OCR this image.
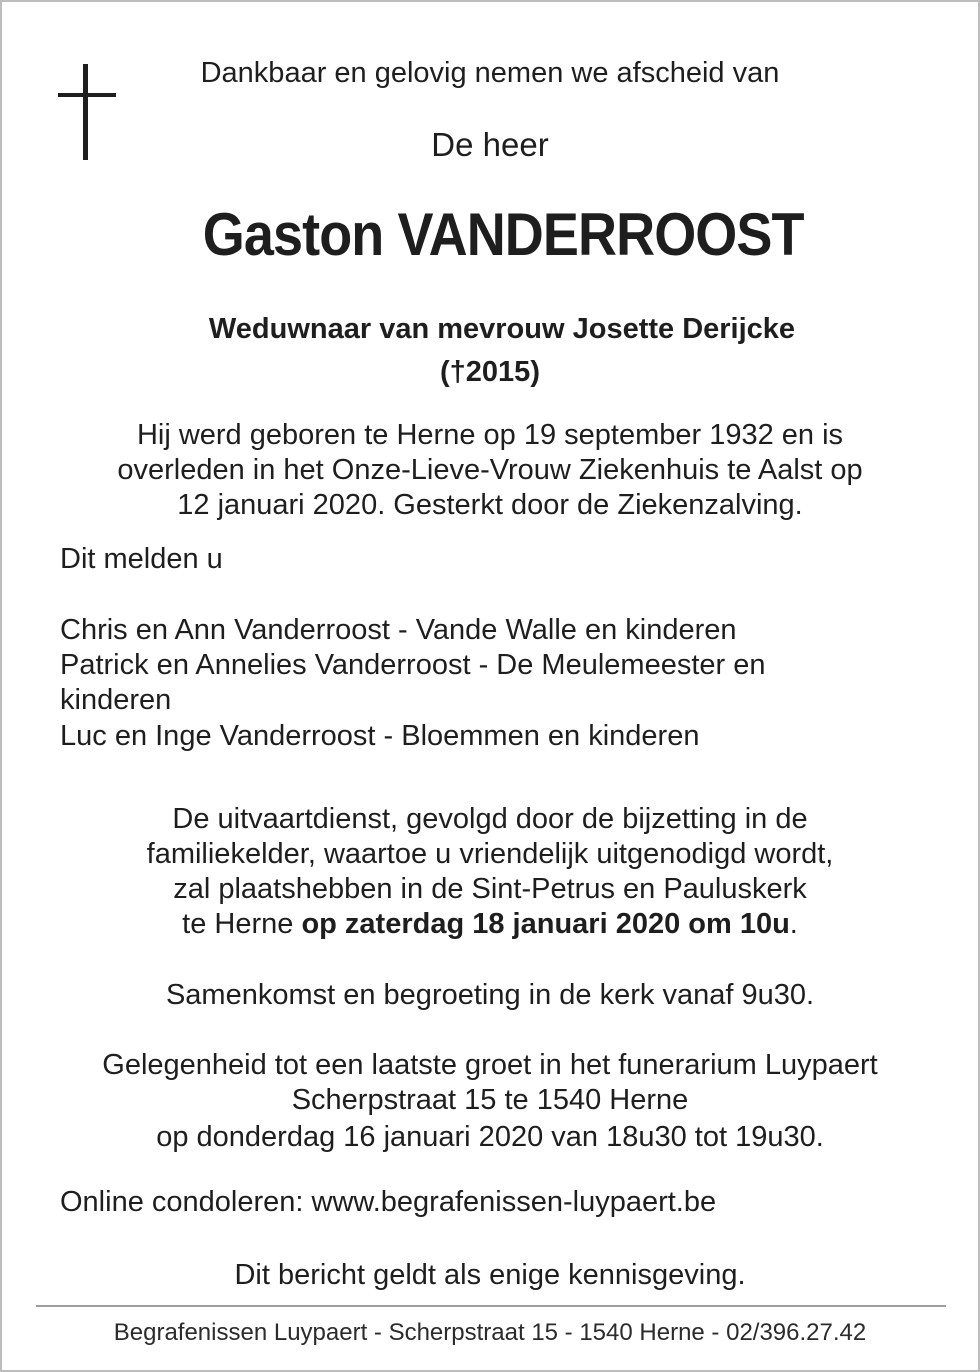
Dankbaar en gelovig nemen we afscheid van
De heer
Gaston VANDERROOST
Weduwnaar van mevrouw Josette Derijcke
(†2015)
Hij werd geboren te Herne op 19 september 1932 en is
overleden in het Onze-Lieve-Vrouw Ziekenhuis te Aalst op
12 januari 2020. Gesterkt door de Ziekenzalving.
Dit melden u
Chris en Ann Vanderroost - Vande Walle en kinderen
Patrick en Annelies Vanderroost - De Meulemeester en
kinderen
Luc en Inge Vanderroost - Bloemmen en kinderen
De uitvaartdienst, gevolgd door de bijzetting in de
familiekelder, waartoe u vriendelijk uitgenodigd wordt,
zal plaatshebben in de Sint-Petrus en Pauluskerk
te Herne op zaterdag 18 januari 2020 om 10u.
Samenkomst en begroeting in de kerk vanaf 9u30.
Gelegenheid tot een laatste groet in het funerarium Luypaert
Scherpstraat 15 te 1540 Herne
op donderdag 16 januari 2020 van 18u30 tot 19u30.
Online condoleren: www.begrafenissen-luypaert.be
Dit bericht geldt als enige kennisgeving.
Begrafenissen Luypaert - Scherpstraat 15 - 1540 Herne - 02/396.27.42
